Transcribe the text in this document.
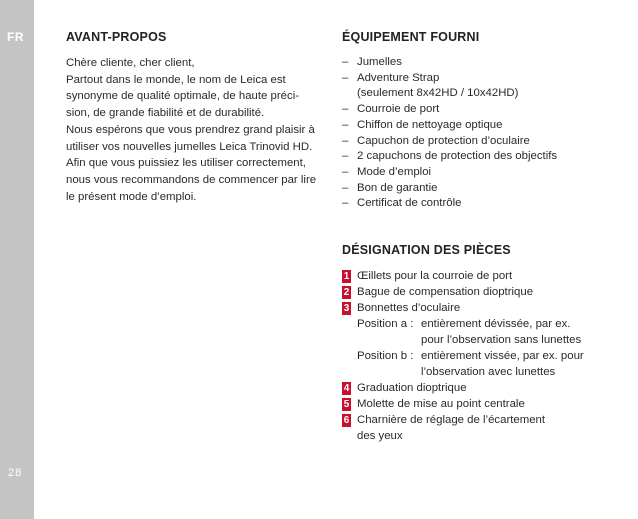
FR
28
AVANT-PROPOS
Chère cliente, cher client,
Partout dans le monde, le nom de Leica est
synonyme de qualité optimale, de haute préci-
sion, de grande fiabilité et de durabilité.
Nous espérons que vous prendrez grand plaisir à
utiliser vos nouvelles jumelles Leica Trinovid HD.
Afin que vous puissiez les utiliser correctement,
nous vous recommandons de commencer par lire
le présent mode d’emploi.
ÉQUIPEMENT FOURNI
– Jumelles
– Adventure Strap
(seulement 8x42HD / 10x42HD)
– Courroie de port
– Chiffon de nettoyage optique
– Capuchon de protection d’oculaire
– 2 capuchons de protection des objectifs
– Mode d’emploi
– Bon de garantie
– Certificat de contrôle
DÉSIGNATION DES PIÈCES
1 Œillets pour la courroie de port
2 Bague de compensation dioptrique
3 Bonnettes d’oculaire
Position a : entièrement dévissée, par ex.
pour l’observation sans lunettes
Position b : entièrement vissée, par ex. pour
l’observation avec lunettes
4 Graduation dioptrique
5 Molette de mise au point centrale
6 Charnière de réglage de l’écartement
des yeux
